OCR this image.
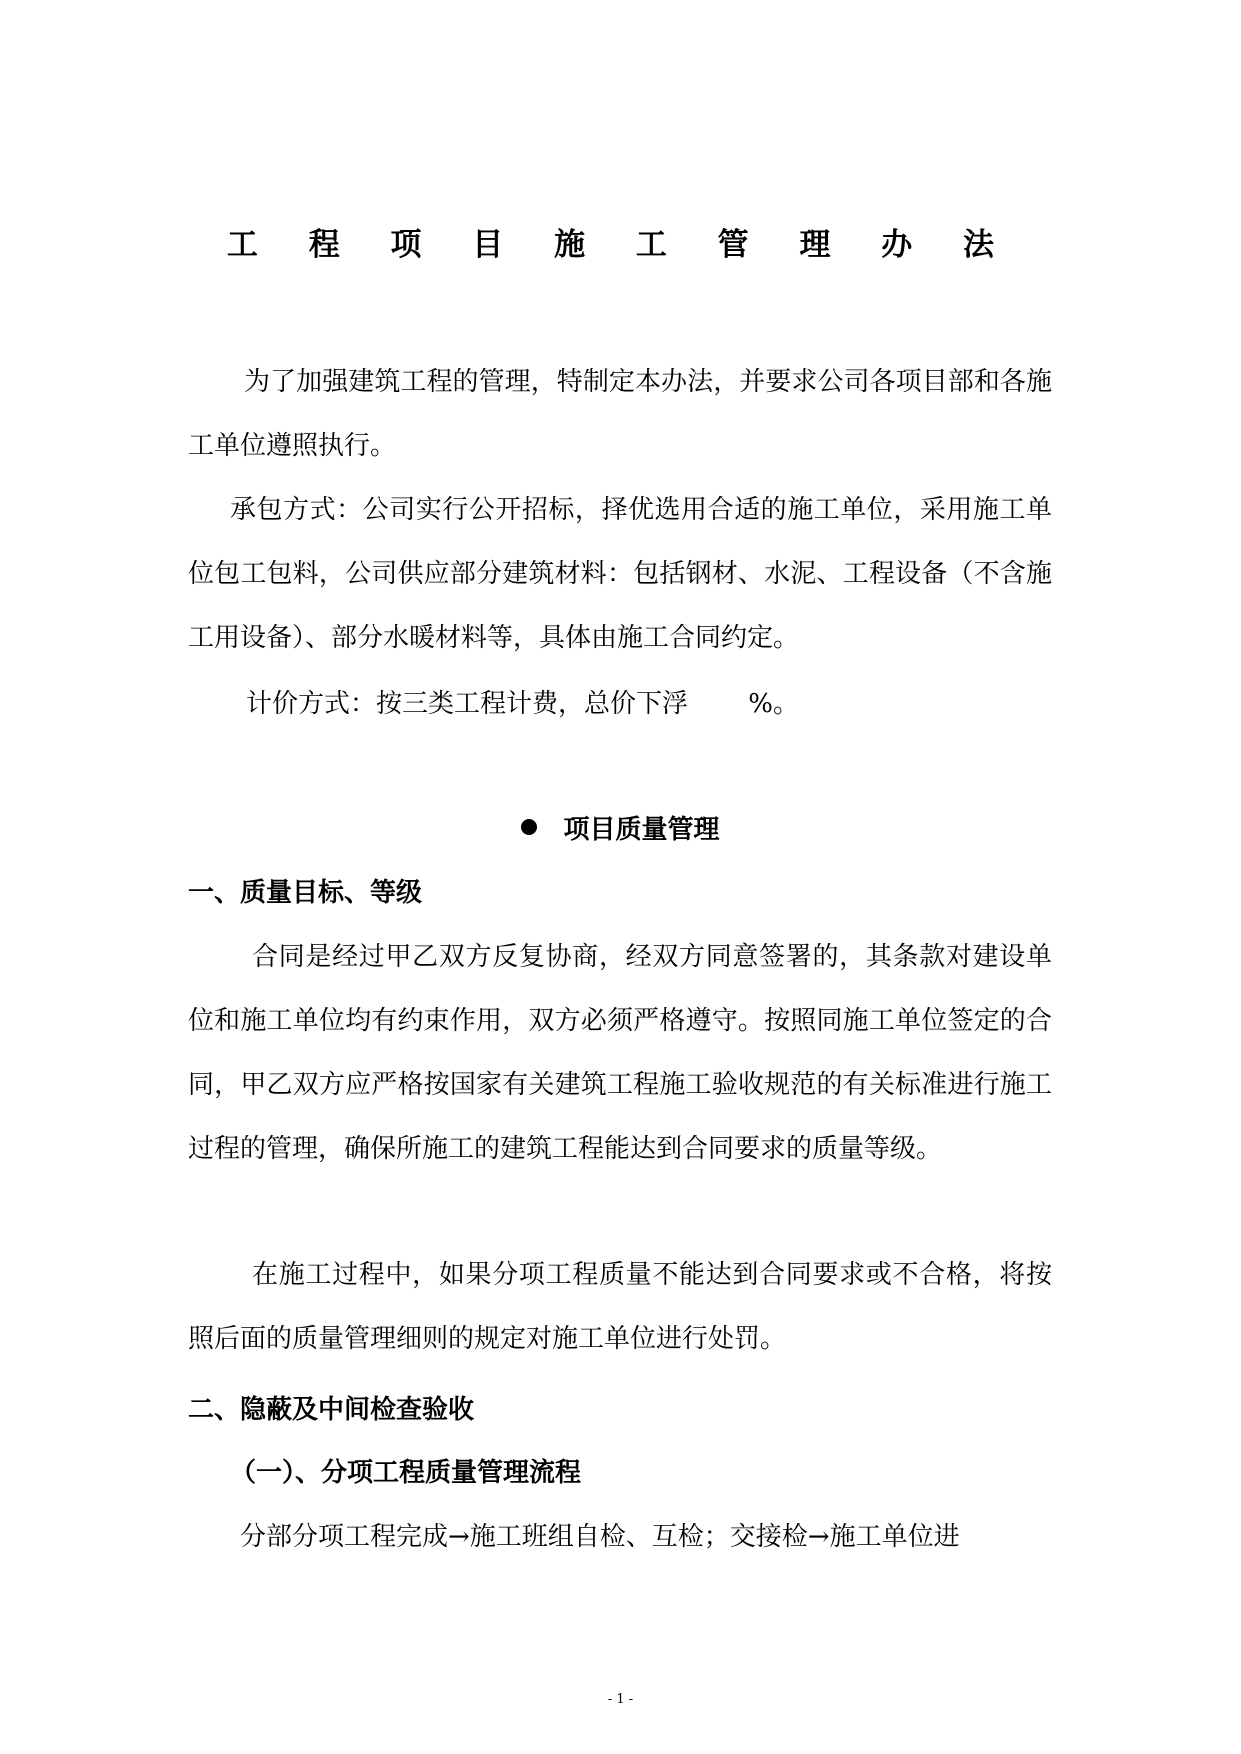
工 程 项 目 施 工 管 理 办 法
为了加强建筑工程的管理，特制定本办法，并要求公司各项目部和各施工单位遵照执行。
承包方式：公司实行公开招标，择优选用合适的施工单位，采用施工单位包工包料，公司供应部分建筑材料：包括钢材、水泥、工程设备（不含施工用设备）、部分水暖材料等，具体由施工合同约定。
计价方式：按三类工程计费，总价下浮　　 %。
项目质量管理
一、质量目标、等级
合同是经过甲乙双方反复协商，经双方同意签署的，其条款对建设单位和施工单位均有约束作用，双方必须严格遵守。按照同施工单位签定的合同，甲乙双方应严格按国家有关建筑工程施工验收规范的有关标准进行施工过程的管理，确保所施工的建筑工程能达到合同要求的质量等级。
在施工过程中，如果分项工程质量不能达到合同要求或不合格，将按照后面的质量管理细则的规定对施工单位进行处罚。
二、隐蔽及中间检查验收
（一）、分项工程质量管理流程
分部分项工程完成→施工班组自检、互检；交接检→施工单位进
- 1 -
